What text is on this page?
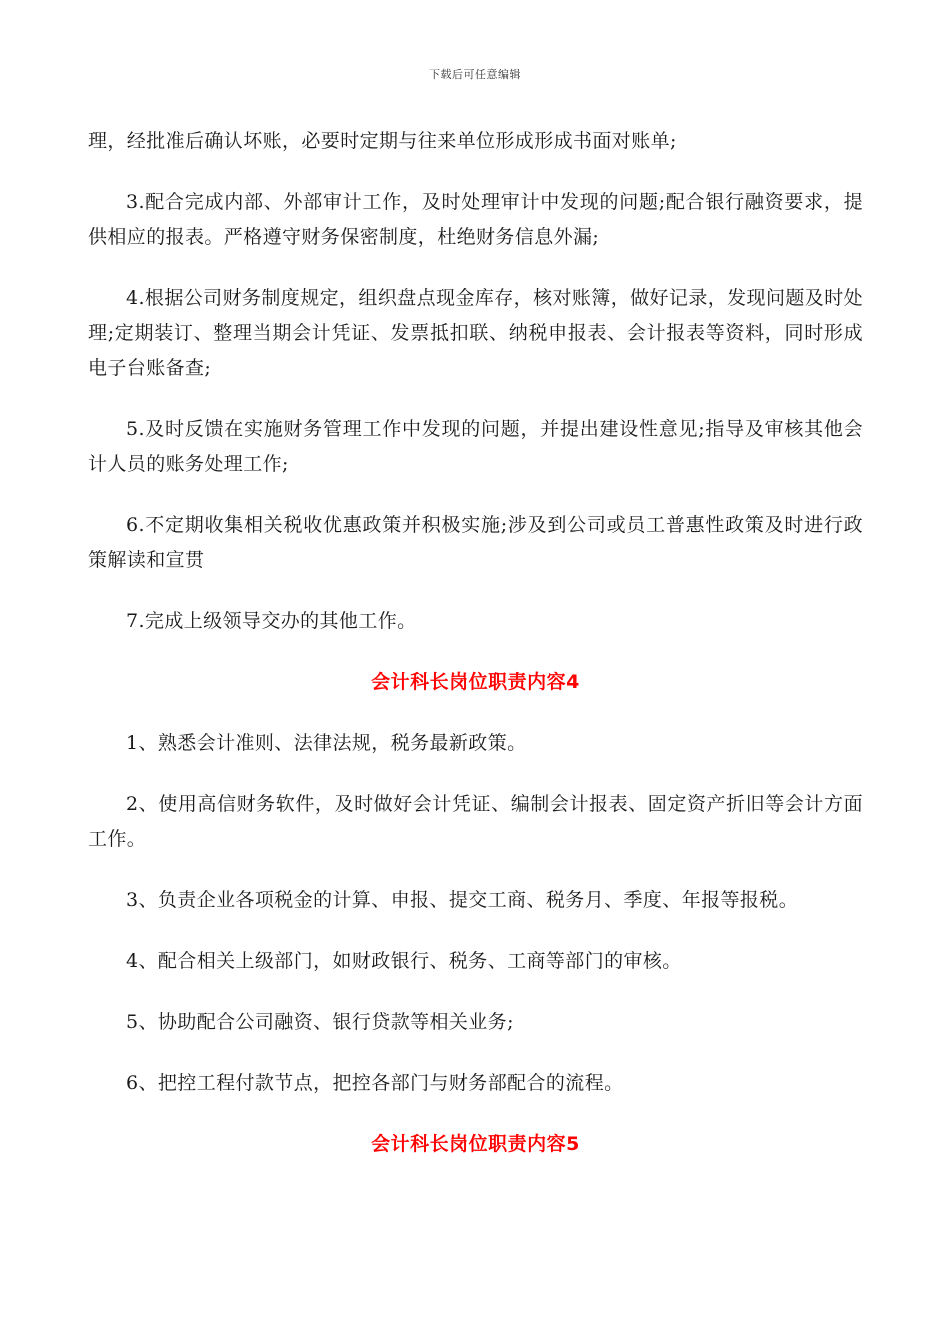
下载后可任意编辑

理，经批准后确认坏账，必要时定期与往来单位形成形成书面对账单;

3.配合完成内部、外部审计工作，及时处理审计中发现的问题;配合银行融资要求，提供相应的报表。严格遵守财务保密制度，杜绝财务信息外漏;

4.根据公司财务制度规定，组织盘点现金库存，核对账簿，做好记录，发现问题及时处理;定期装订、整理当期会计凭证、发票抵扣联、纳税申报表、会计报表等资料，同时形成电子台账备查;

5.及时反馈在实施财务管理工作中发现的问题，并提出建设性意见;指导及审核其他会计人员的账务处理工作;

6.不定期收集相关税收优惠政策并积极实施;涉及到公司或员工普惠性政策及时进行政策解读和宣贯

7.完成上级领导交办的其他工作。

会计科长岗位职责内容4

1、熟悉会计准则、法律法规，税务最新政策。

2、使用高信财务软件，及时做好会计凭证、编制会计报表、固定资产折旧等会计方面工作。

3、负责企业各项税金的计算、申报、提交工商、税务月、季度、年报等报税。

4、配合相关上级部门，如财政银行、税务、工商等部门的审核。

5、协助配合公司融资、银行贷款等相关业务;

6、把控工程付款节点，把控各部门与财务部配合的流程。

会计科长岗位职责内容5
